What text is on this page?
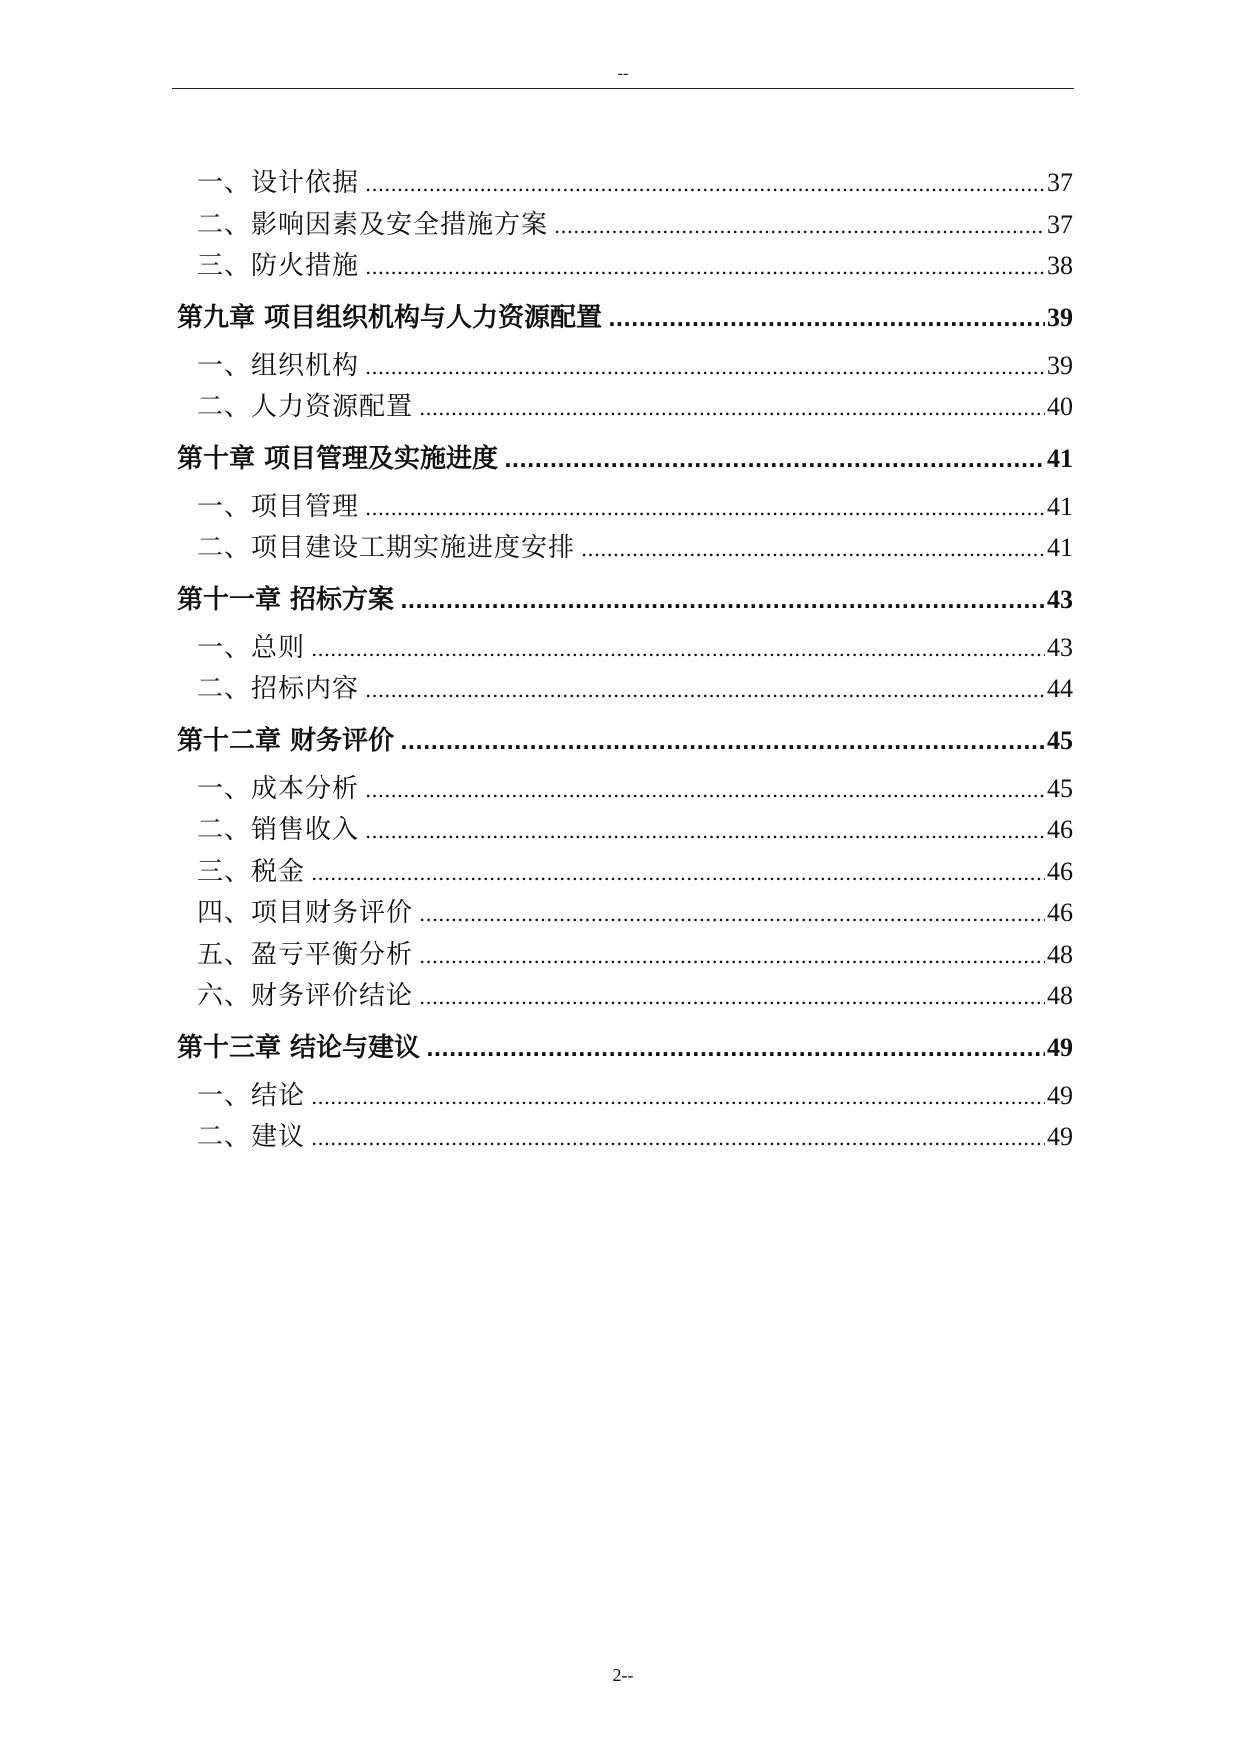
--
一、设计依据 .....	37
二、影响因素及安全措施方案 .....	37
三、防火措施 .....	38
第九章 项目组织机构与人力资源配置 .....	39
一、组织机构 .....	39
二、人力资源配置 .....	40
第十章 项目管理及实施进度 .....	41
一、项目管理 .....	41
二、项目建设工期实施进度安排 .....	41
第十一章 招标方案 .....	43
一、总则 .....	43
二、招标内容 .....	44
第十二章 财务评价 .....	45
一、成本分析 .....	45
二、销售收入 .....	46
三、税金 .....	46
四、项目财务评价 .....	46
五、盈亏平衡分析 .....	48
六、财务评价结论 .....	48
第十三章 结论与建议 .....	49
一、结论 .....	49
二、建议 .....	49
2--
